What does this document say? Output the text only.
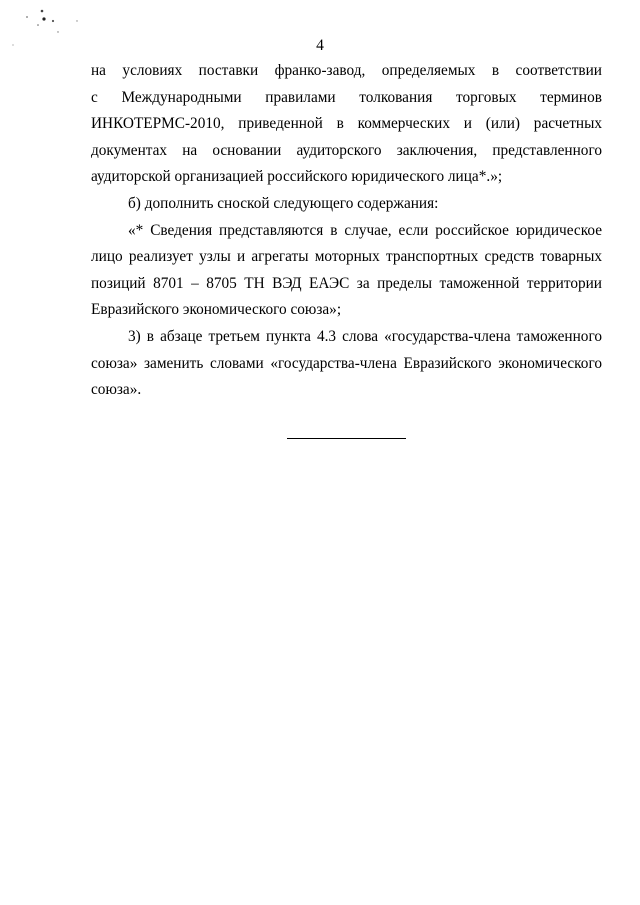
4
на условиях поставки франко-завод, определяемых в соответствии
с Международными правилами толкования торговых терминов
ИНКОТЕРМС-2010, приведенной в коммерческих и (или) расчетных
документах на основании аудиторского заключения, представленного
аудиторской организацией российского юридического лица*.»;
б) дополнить сноской следующего содержания:
«* Сведения представляются в случае, если российское юридическое
лицо реализует узлы и агрегаты моторных транспортных средств товарных
позиций 8701 – 8705 ТН ВЭД ЕАЭС за пределы таможенной территории
Евразийского экономического союза»;
3) в абзаце третьем пункта 4.3 слова «государства-члена таможенного
союза» заменить словами «государства-члена Евразийского экономического
союза».
